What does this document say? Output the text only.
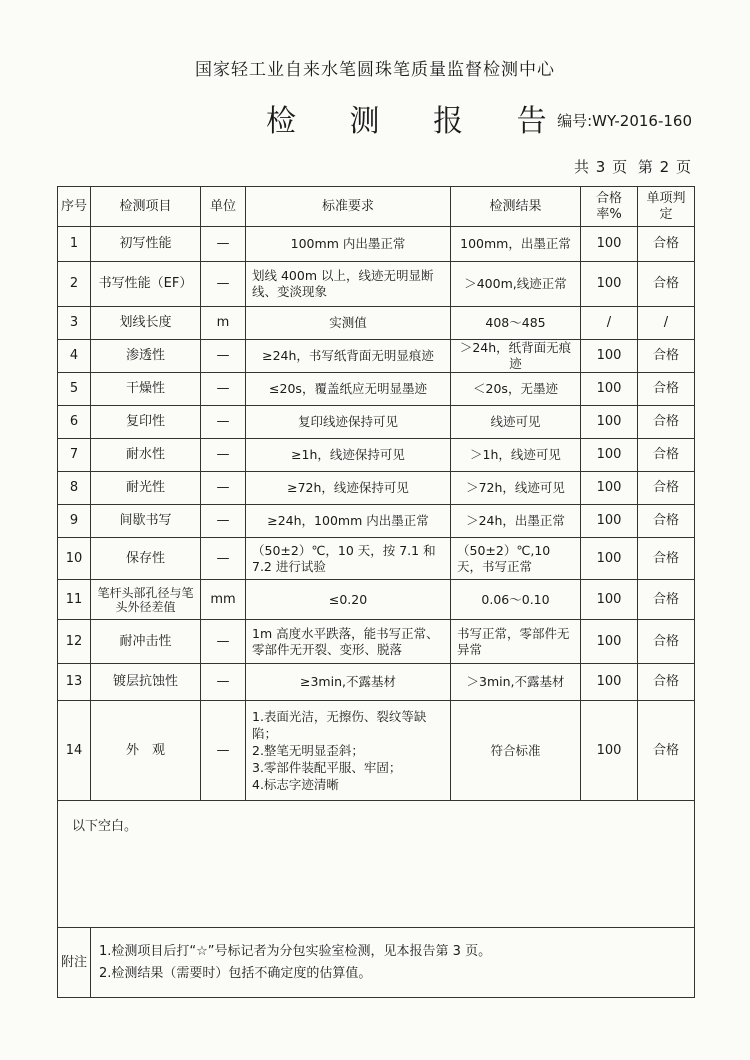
国家轻工业自来水笔圆珠笔质量监督检测中心
检 测 报 告
编号:WY-2016-160
共 3 页 第 2 页
序号	检测项目	单位	标准要求	检测结果	合格率%	单项判定
1	初写性能	—	100mm 内出墨正常	100mm，出墨正常	100	合格
2	书写性能（EF）	—	划线 400m 以上，线迹无明显断线、变淡现象	＞400m,线迹正常	100	合格
3	划线长度	m	实测值	408～485	/	/
4	渗透性	—	≥24h，书写纸背面无明显痕迹	＞24h，纸背面无痕迹	100	合格
5	干燥性	—	≤20s，覆盖纸应无明显墨迹	＜20s，无墨迹	100	合格
6	复印性	—	复印线迹保持可见	线迹可见	100	合格
7	耐水性	—	≥1h，线迹保持可见	＞1h，线迹可见	100	合格
8	耐光性	—	≥72h，线迹保持可见	＞72h，线迹可见	100	合格
9	间歇书写	—	≥24h，100mm 内出墨正常	＞24h，出墨正常	100	合格
10	保存性	—	（50±2）℃，10 天，按 7.1 和 7.2 进行试验	（50±2）℃,10 天，书写正常	100	合格
11	笔杆头部孔径与笔头外径差值	mm	≤0.20	0.06～0.10	100	合格
12	耐冲击性	—	1m 高度水平跌落，能书写正常、零部件无开裂、变形、脱落	书写正常，零部件无异常	100	合格
13	镀层抗蚀性	—	≥3min,不露基材	＞3min,不露基材	100	合格
14	外　观	—	1.表面光洁，无擦伤、裂纹等缺陷；
2.整笔无明显歪斜；
3.零部件装配平服、牢固；
4.标志字迹清晰	符合标准	100	合格
以下空白。						
附注	1.检测项目后打“☆”号标记者为分包实验室检测，见本报告第 3 页。
2.检测结果（需要时）包括不确定度的估算值。					
